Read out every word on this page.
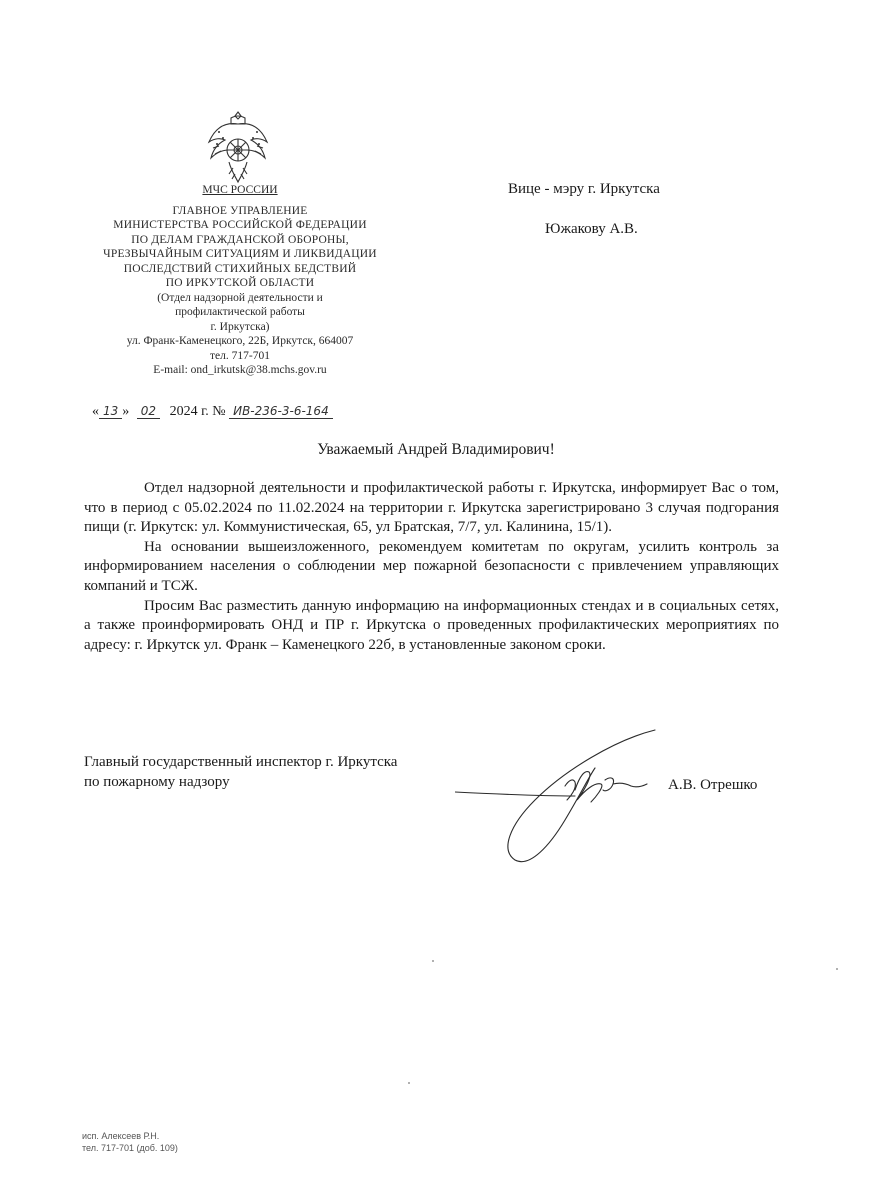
МЧС РОССИИ
ГЛАВНОЕ УПРАВЛЕНИЕ
МИНИСТЕРСТВА РОССИЙСКОЙ ФЕДЕРАЦИИ
ПО ДЕЛАМ ГРАЖДАНСКОЙ ОБОРОНЫ,
ЧРЕЗВЫЧАЙНЫМ СИТУАЦИЯМ И ЛИКВИДАЦИИ
ПОСЛЕДСТВИЙ СТИХИЙНЫХ БЕДСТВИЙ
ПО ИРКУТСКОЙ ОБЛАСТИ
(Отдел надзорной деятельности и
профилактической работы
г. Иркутска)
ул. Франк-Каменецкого, 22Б, Иркутск, 664007
тел. 717-701
E-mail: ond_irkutsk@38.mchs.gov.ru
« 13 » 02 2024 г. № ИВ-236-3-6-164
Вице - мэру г. Иркутска
Южакову А.В.
Уважаемый Андрей Владимирович!

Отдел надзорной деятельности и профилактической работы г. Иркутска, информирует Вас о том, что в период с 05.02.2024 по 11.02.2024 на территории г. Иркутска зарегистрировано 3 случая подгорания пищи (г. Иркутск: ул. Коммунистическая, 65, ул Братская, 7/7, ул. Калинина, 15/1).

На основании вышеизложенного, рекомендуем комитетам по округам, усилить контроль за информированием населения о соблюдении мер пожарной безопасности с привлечением управляющих компаний и ТСЖ.

Просим Вас разместить данную информацию на информационных стендах и в социальных сетях, а также проинформировать ОНД и ПР г. Иркутска о проведенных профилактических мероприятиях по адресу: г. Иркутск ул. Франк – Каменецкого 22б, в установленные законом сроки.

Главный государственный инспектор г. Иркутска
по пожарному надзору	А.В. Отрешко
исп. Алексеев Р.Н.
тел. 717-701 (доб. 109)
